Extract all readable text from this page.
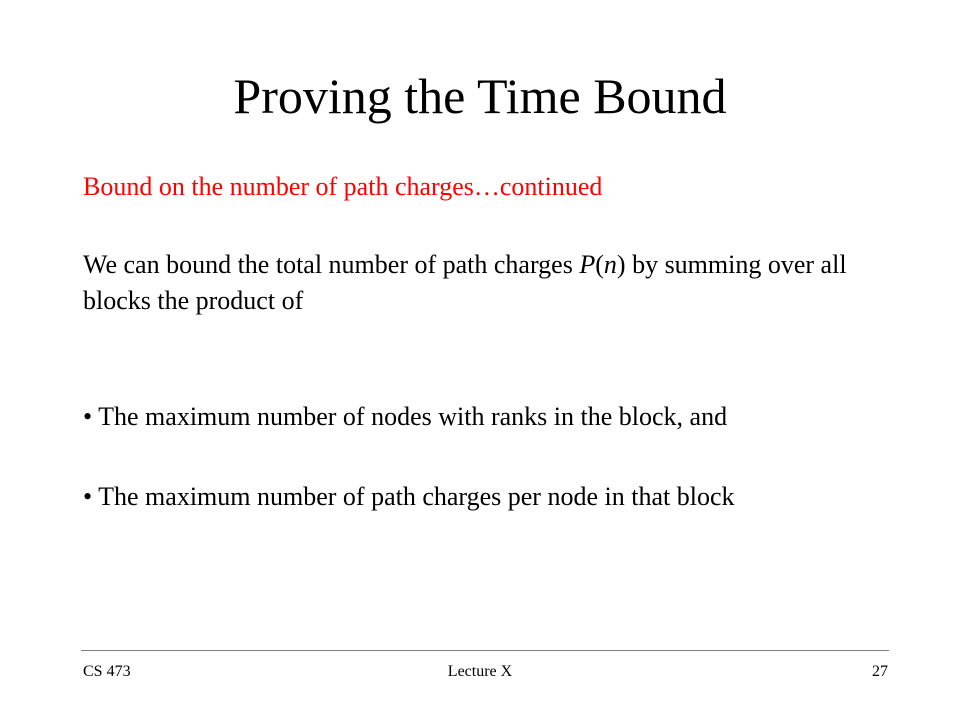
Proving the Time Bound
Bound on the number of path charges…continued
We can bound the total number of path charges P(n) by summing over all blocks the product of
• The maximum number of nodes with ranks in the block, and
• The maximum number of path charges per node in that block
CS 473	Lecture X	27
